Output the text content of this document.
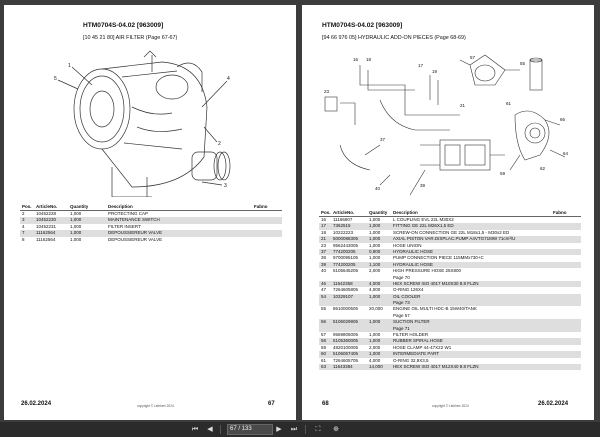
HTM0704S-04.02 [963009]
[10 45 21 80] AIR FILTER (Page 67-67)
5
1
4
2
3
Pos.	ArticleNo.	Quantity	Description	Fabno
2	10452228	1,000	PROTECTING CAP	
3	10452230	1,000	MAINTENANCE SWITCH	
4	10452231	1,000	FILTER INSERT	
7	11162564	1,000	DEPOUSSIEREUR VALVE	
8	11162564	1,000	DEPOUSSIEREUR VALVE	
26.02.2024	copyright © Liebherr 2024	67
HTM0704S-04.02 [963009]
[94 66 976 05] HYDRAULIC ADD-ON PIECES (Page 68-69)
16 18
17
19
21
23
37
39
40
57
55
59
66
61
64
62
Pos.	ArticleNo.	Quantity	Description	Fabno
16	11166907	1,000	L COUPLING EVL 22L M30X2	
17	7362515	1,000	FITTING GE 22L M26X1,5 ED	
18	10222223	1,000	SCREW-ON CONNECTION GE 22L M18x1,5 - M30x2 ED	
21	5000088305	1,000	AXIAL PISTON VAR.DISPLAC.PUMP A4VTG71MW 71cm³/U	
23	9562443005	1,000	HOSE UNION	
37	774200205	0,900	HYDRAULIC HOSE	
38	9700095105	1,000	PUMP CONNECTION PIECE 115MMx730+C	
39	774200205	1,100	HYDRAULIC HOSE	
40	5105645205	2,000	HIGH PRESSURE HOSE 25X800	
			Page 70	
46	11642358	4,000	HEX SCREW ISO 4017 M10X30 8.8 FLZN	
47	7264605805	4,000	O-RING 126X4	
54	10329107	1,000	OIL COOLER	
			Page 73	
55	8610000505	20,000	ENGINE OIL MULTI HDC-B 15W40/TANK	
			Page 57	
56	5106029905	1,000	SUCTION FILTER	
			Page 71	
57	9569805005	1,000	FILTER HOLDER	
58	5105360005	1,000	RUBBER SPIRAL HOSE	
59	4820100005	2,000	HOSE CLAMP 44-47X22 W1	
60	5106057405	1,000	INTERMEDIATE PART	
61	7264605705	4,000	O-RING 32,9X3,5	
63	11643384	14,000	HEX SCREW ISO 4017 M12X40 8.8 FLZN	
68	copyright © Liebherr 2024	26.02.2024
⏮	◀
67 / 133	▶	⏭	⛶	⊕
